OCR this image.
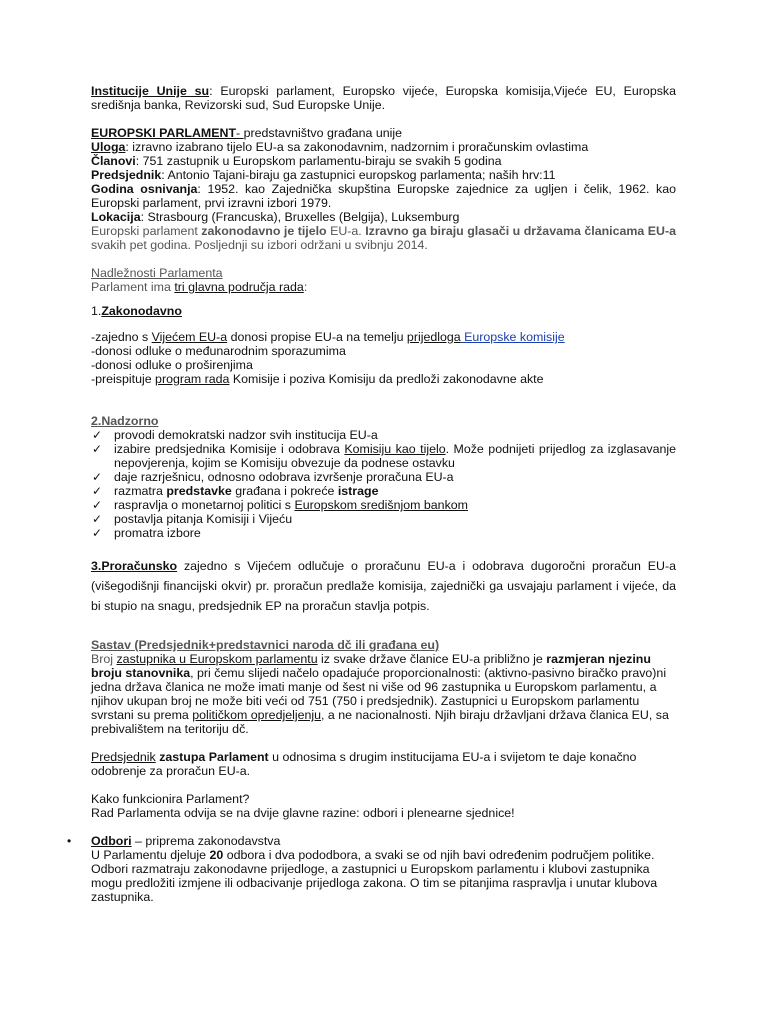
Institucije Unije su: Europski parlament, Europsko vijeće, Europska komisija,Vijeće EU, Europska središnja banka, Revizorski sud, Sud Europske Unije.

EUROPSKI PARLAMENT- predstavništvo građana unije

Uloga: izravno izabrano tijelo EU-a sa zakonodavnim, nadzornim i proračunskim ovlastima

Članovi: 751 zastupnik u Europskom parlamentu-biraju se svakih 5 godina

Predsjednik: Antonio Tajani-biraju ga zastupnici europskog parlamenta; naših hrv:11

Godina osnivanja: 1952. kao Zajednička skupština Europske zajednice za ugljen i čelik, 1962. kao Europski parlament, prvi izravni izbori 1979.

Lokacija: Strasbourg (Francuska), Bruxelles (Belgija), Luksemburg

Europski parlament zakonodavno je tijelo EU-a. Izravno ga biraju glasači u državama članicama EU-a svakih pet godina. Posljednji su izbori održani u svibnju 2014.

Nadležnosti Parlamenta

Parlament ima tri glavna područja rada:

1.Zakonodavno

-zajedno s Vijećem EU-a donosi propise EU-a na temelju prijedloga Europske komisije

-donosi odluke o međunarodnim sporazumima

-donosi odluke o proširenjima

-preispituje program rada Komisije i poziva Komisiju da predloži zakonodavne akte

2.Nadzorno

✓ provodi demokratski nadzor svih institucija EU-a
✓ izabire predsjednika Komisije i odobrava Komisiju kao tijelo. Može podnijeti prijedlog za izglasavanje nepovjerenja, kojim se Komisiju obvezuje da podnese ostavku
✓ daje razrješnicu, odnosno odobrava izvršenje proračuna EU-a
✓ razmatra predstavke građana i pokreće istrage
✓ raspravlja o monetarnoj politici s Europskom središnjom bankom
✓ postavlja pitanja Komisiji i Vijeću
✓ promatra izbore

3.Proračunsko zajedno s Vijećem odlučuje o proračunu EU-a i odobrava dugoročni proračun EU-a (višegodišnji financijski okvir) pr. proračun predlaže komisija, zajednički ga usvajaju parlament i vijeće, da bi stupio na snagu, predsjednik EP na proračun stavlja potpis.

Sastav (Predsjednik+predstavnici naroda dč ili građana eu)

Broj zastupnika u Europskom parlamentu iz svake države članice EU-a približno je razmjeran njezinu broju stanovnika, pri čemu slijedi načelo opadajuće proporcionalnosti: (aktivno-pasivno biračko pravo)ni jedna država članica ne može imati manje od šest ni više od 96 zastupnika u Europskom parlamentu, a njihov ukupan broj ne može biti veći od 751 (750 i predsjednik). Zastupnici u Europskom parlamentu svrstani su prema političkom opredjeljenju, a ne nacionalnosti. Njih biraju državljani država članica EU, sa prebivalištem na teritoriju dč.

Predsjednik zastupa Parlament u odnosima s drugim institucijama EU-a i svijetom te daje konačno odobrenje za proračun EU-a.

Kako funkcionira Parlament?

Rad Parlamenta odvija se na dvije glavne razine: odbori i plenearne sjednice!

• Odbori – priprema zakonodavstva

U Parlamentu djeluje 20 odbora i dva pododbora, a svaki se od njih bavi određenim područjem politike. Odbori razmatraju zakonodavne prijedloge, a zastupnici u Europskom parlamentu i klubovi zastupnika mogu predložiti izmjene ili odbacivanje prijedloga zakona. O tim se pitanjima raspravlja i unutar klubova zastupnika.
